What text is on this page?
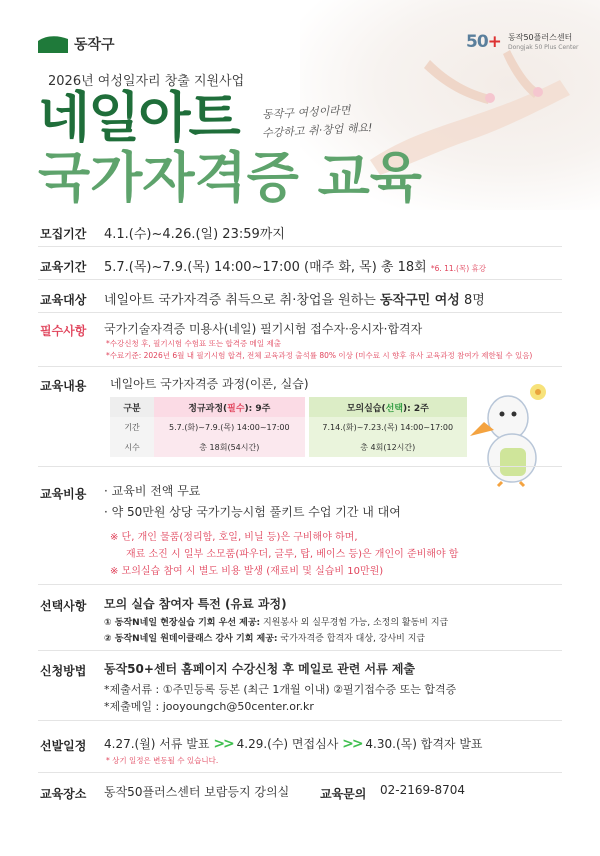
동작구	50+ 동작50플러스센터
Dongjak 50 Plus Center
2026년 여성일자리 창출 지원사업
네일아트
국가자격증 교육
동작구 여성이라면
수강하고 취·창업 해요!
모집기간 4.1.(수)~4.26.(일) 23:59까지
교육기간 5.7.(목)~7.9.(목) 14:00~17:00 (매주 화, 목) 총 18회 *6. 11.(목) 휴강
교육대상 네일아트 국가자격증 취득으로 취·창업을 원하는 동작구민 여성 8명
필수사항 국가기술자격증 미용사(네일) 필기시험 접수자·응시자·합격자
*수강신청 후, 필기시험 수험표 또는 합격증 메일 제출
*수료기준: 2026년 6월 내 필기시험 합격, 전체 교육과정 출석률 80% 이상 (미수료 시 향후 유사 교육과정 참여가 제한될 수 있음)
교육내용 네일아트 국가자격증 과정(이론, 실습)
구분	정규과정(필수): 9주		모의실습(선택): 2주
기간	5.7.(화)~7.9.(목) 14:00~17:00		7.14.(화)~7.23.(목) 14:00~17:00
시수	총 18회(54시간)		총 4회(12시간)
교육비용 · 교육비 전액 무료
· 약 50만원 상당 국가기능시험 풀키트 수업 기간 내 대여
※ 단, 개인 물품(정리함, 호일, 비닐 등)은 구비해야 하며,
재료 소진 시 일부 소모품(파우더, 글루, 탑, 베이스 등)은 개인이 준비해야 함
※ 모의실습 참여 시 별도 비용 발생 (재료비 및 실습비 10만원)
선택사항 모의 실습 참여자 특전 (유료 과정)
① 동작N네일 현장실습 기회 우선 제공: 지원봉사 외 실무경험 가능, 소정의 활동비 지급
② 동작N네일 원데이클래스 강사 기회 제공: 국가자격증 합격자 대상, 강사비 지급
신청방법 동작50+센터 홈페이지 수강신청 후 메일로 관련 서류 제출
*제출서류 : ①주민등록 등본 (최근 1개월 이내) ②필기접수증 또는 합격증
*제출메일 : jooyoungch@50center.or.kr
선발일정 4.27.(월) 서류 발표 >> 4.29.(수) 면접심사 >> 4.30.(목) 합격자 발표
* 상기 일정은 변동될 수 있습니다.
교육장소 동작50플러스센터 보람등지 강의실	교육문의 02-2169-8704
